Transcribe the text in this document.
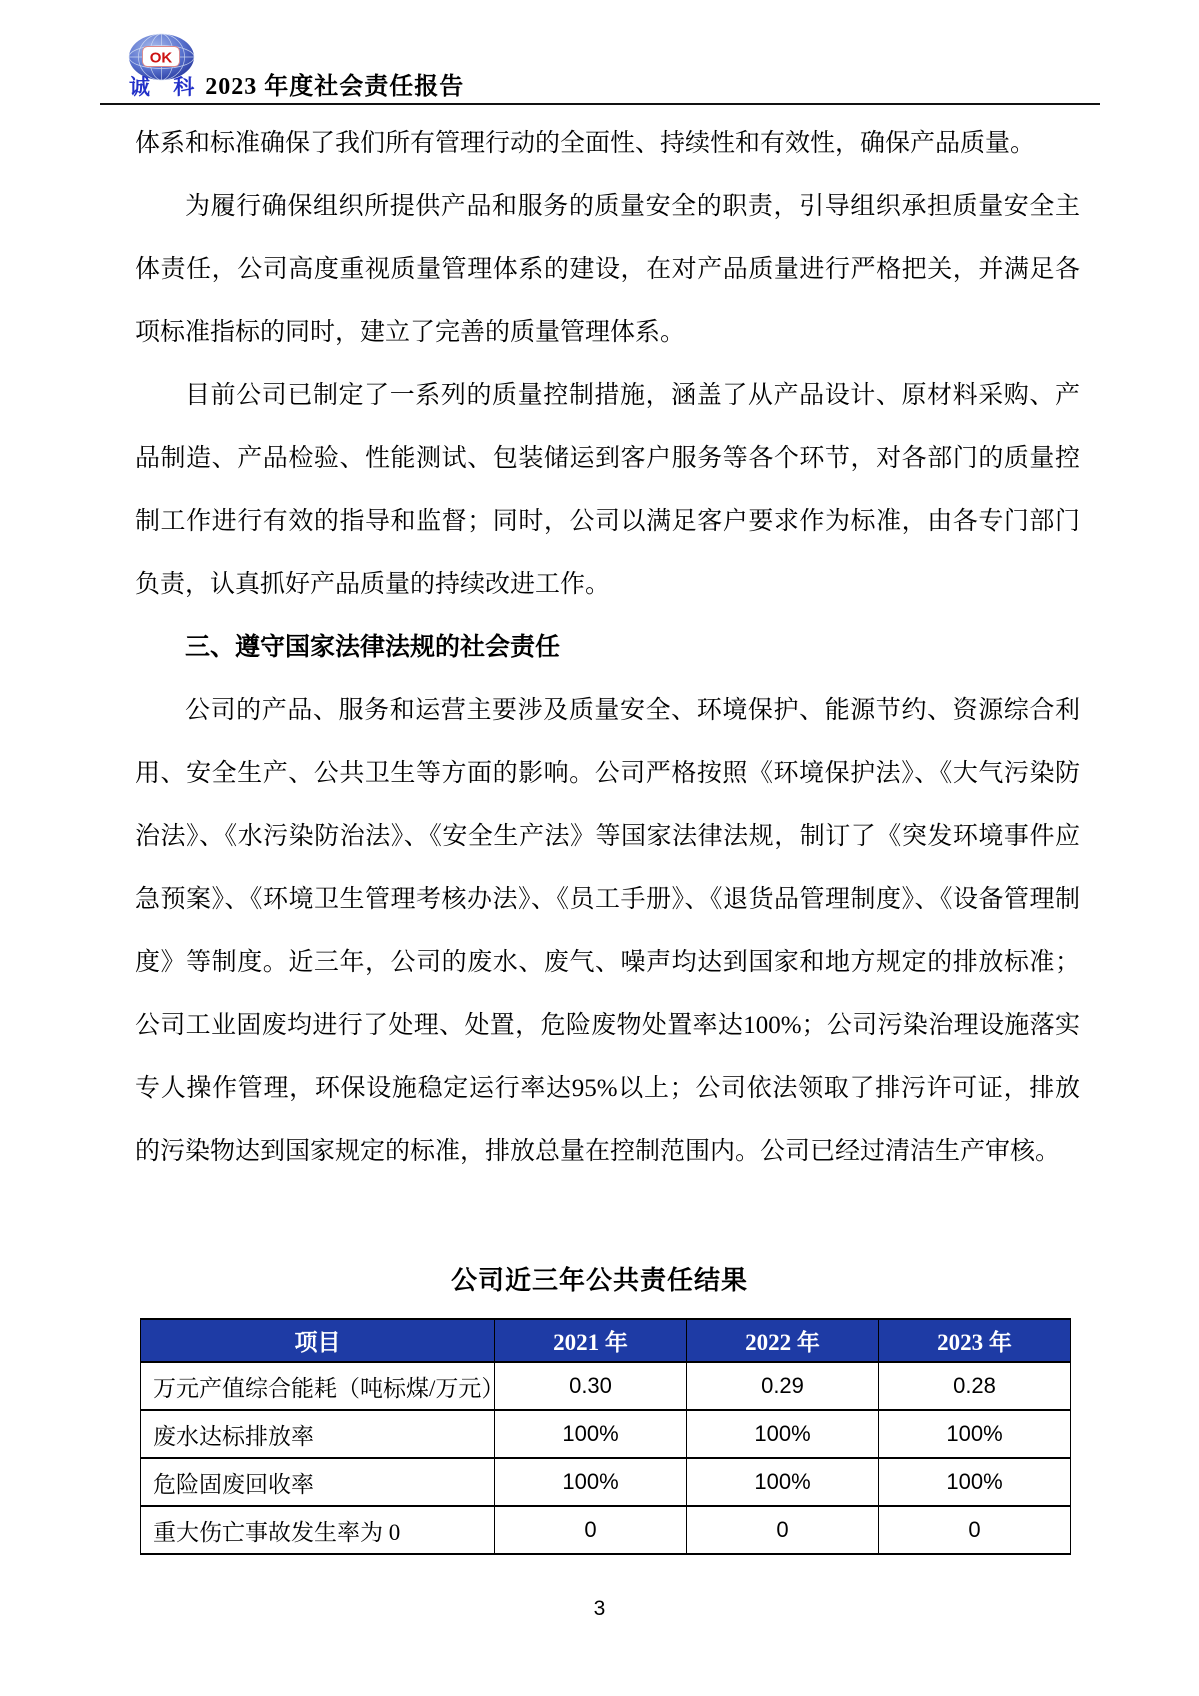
OK
诚 科 2023 年度社会责任报告

体系和标准确保了我们所有管理行动的全面性、持续性和有效性，确保产品质量。

为履行确保组织所提供产品和服务的质量安全的职责，引导组织承担质量安全主体责任，公司高度重视质量管理体系的建设，在对产品质量进行严格把关，并满足各项标准指标的同时，建立了完善的质量管理体系。

目前公司已制定了一系列的质量控制措施，涵盖了从产品设计、原材料采购、产品制造、产品检验、性能测试、包装储运到客户服务等各个环节，对各部门的质量控制工作进行有效的指导和监督；同时，公司以满足客户要求作为标准，由各专门部门负责，认真抓好产品质量的持续改进工作。

三、遵守国家法律法规的社会责任

公司的产品、服务和运营主要涉及质量安全、环境保护、能源节约、资源综合利用、安全生产、公共卫生等方面的影响。公司严格按照《环境保护法》、《大气污染防治法》、《水污染防治法》、《安全生产法》等国家法律法规，制订了《突发环境事件应急预案》、《环境卫生管理考核办法》、《员工手册》、《退货品管理制度》、《设备管理制度》等制度。近三年，公司的废水、废气、噪声均达到国家和地方规定的排放标准；公司工业固废均进行了处理、处置，危险废物处置率达100%；公司污染治理设施落实专人操作管理，环保设施稳定运行率达95%以上；公司依法领取了排污许可证，排放的污染物达到国家规定的标准，排放总量在控制范围内。公司已经过清洁生产审核。

公司近三年公共责任结果
项目	2021 年	2022 年	2023 年
万元产值综合能耗（吨标煤/万元）	0.30	0.29	0.28
废水达标排放率	100%	100%	100%
危险固废回收率	100%	100%	100%
重大伤亡事故发生率为 0	0	0	0
3
